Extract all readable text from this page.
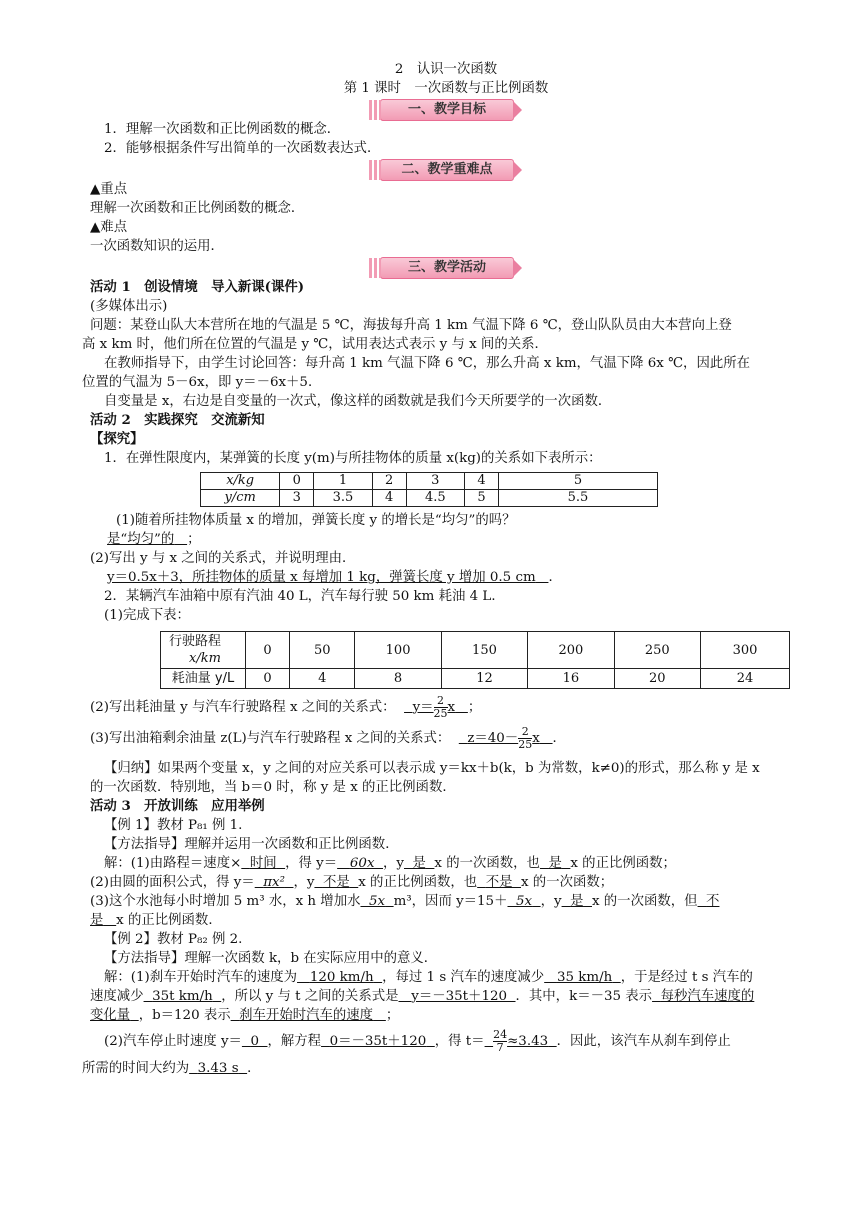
2　认识一次函数
第 1 课时　一次函数与正比例函数
一、教学目标
1．理解一次函数和正比例函数的概念．
2．能够根据条件写出简单的一次函数表达式．
二、教学重难点
▲重点
理解一次函数和正比例函数的概念．
▲难点
一次函数知识的运用．
三、教学活动
活动 1　创设情境　导入新课(课件)
(多媒体出示)
问题：某登山队大本营所在地的气温是 5 ℃，海拔每升高 1 km 气温下降 6 ℃，登山队队员由大本营向上登
高 x km 时，他们所在位置的气温是 y ℃，试用表达式表示 y 与 x 间的关系．
在教师指导下，由学生讨论回答：每升高 1 km 气温下降 6 ℃，那么升高 x km，气温下降 6x ℃，因此所在
位置的气温为 5－6x，即 y＝－6x＋5．
自变量是 x，右边是自变量的一次式，像这样的函数就是我们今天所要学的一次函数．
活动 2　实践探究　交流新知
【探究】
1．在弹性限度内，某弹簧的长度 y(m)与所挂物体的质量 x(kg)的关系如下表所示：
x/kg	0	1	2	3	4	5
y/cm	3	3.5	4	4.5	5	5.5
(1)随着所挂物体质量 x 的增加，弹簧长度 y 的增长是“均匀”的吗？
是“均匀”的 ；
(2)写出 y 与 x 之间的关系式，并说明理由．
y＝0.5x＋3，所挂物体的质量 x 每增加 1 kg，弹簧长度 y 增加 0.5 cm ．
2．某辆汽车油箱中原有汽油 40 L，汽车每行驶 50 km 耗油 4 L．
(1)完成下表：
行驶路程
x/km	0	50	100	150	200	250	300
耗油量 y/L	0	4	8	12	16	20	24
(2)写出耗油量 y 与汽车行驶路程 x 之间的关系式： $y= \frac{2}{25}$ x ；
(3)写出油箱剩余油量 z(L)与汽车行驶路程 x 之间的关系式： $z=40- \frac{2}{25}$ x ．
【归纳】如果两个变量 x，y 之间的对应关系可以表示成 y＝kx＋b(k，b 为常数，k≠0)的形式，那么称 y 是 x
的一次函数．特别地，当 b＝0 时，称 y 是 x 的正比例函数．
活动 3　开放训练　应用举例
【例 1】教材 P₈₁ 例 1.
【方法指导】理解并运用一次函数和正比例函数．
解：(1)由路程＝速度× 时间 ，得 y＝ 60x ，y 是 x 的一次函数，也 是 x 的正比例函数；
(2)由圆的面积公式，得 y＝ πx² ，y 不是 x 的正比例函数，也 不是 x 的一次函数；
(3)这个水池每小时增加 5 m³ 水，x h 增加水 5x m³，因而 y＝15＋ 5x ，y 是 x 的一次函数，但 不
是 x 的正比例函数．
【例 2】教材 P₈₂ 例 2.
【方法指导】理解一次函数 k，b 在实际应用中的意义．
解：(1)刹车开始时汽车的速度为 120 km/h ，每过 1 s 汽车的速度减少 35 km/h ，于是经过 t s 汽车的
速度减少 35t km/h ，所以 y 与 t 之间的关系式是 y＝－35t＋120 ．其中，k＝－35 表示 每秒汽车速度的
变化量 ，b＝120 表示 刹车开始时汽车的速度 ；
(2)汽车停止时速度 y＝ 0 ，解方程 0＝－35t＋120 ，得 $t= \frac{24}{7} \approx 3.43$ ．因此，该汽车从刹车到停止
所需的时间大约为 3.43 s ．
